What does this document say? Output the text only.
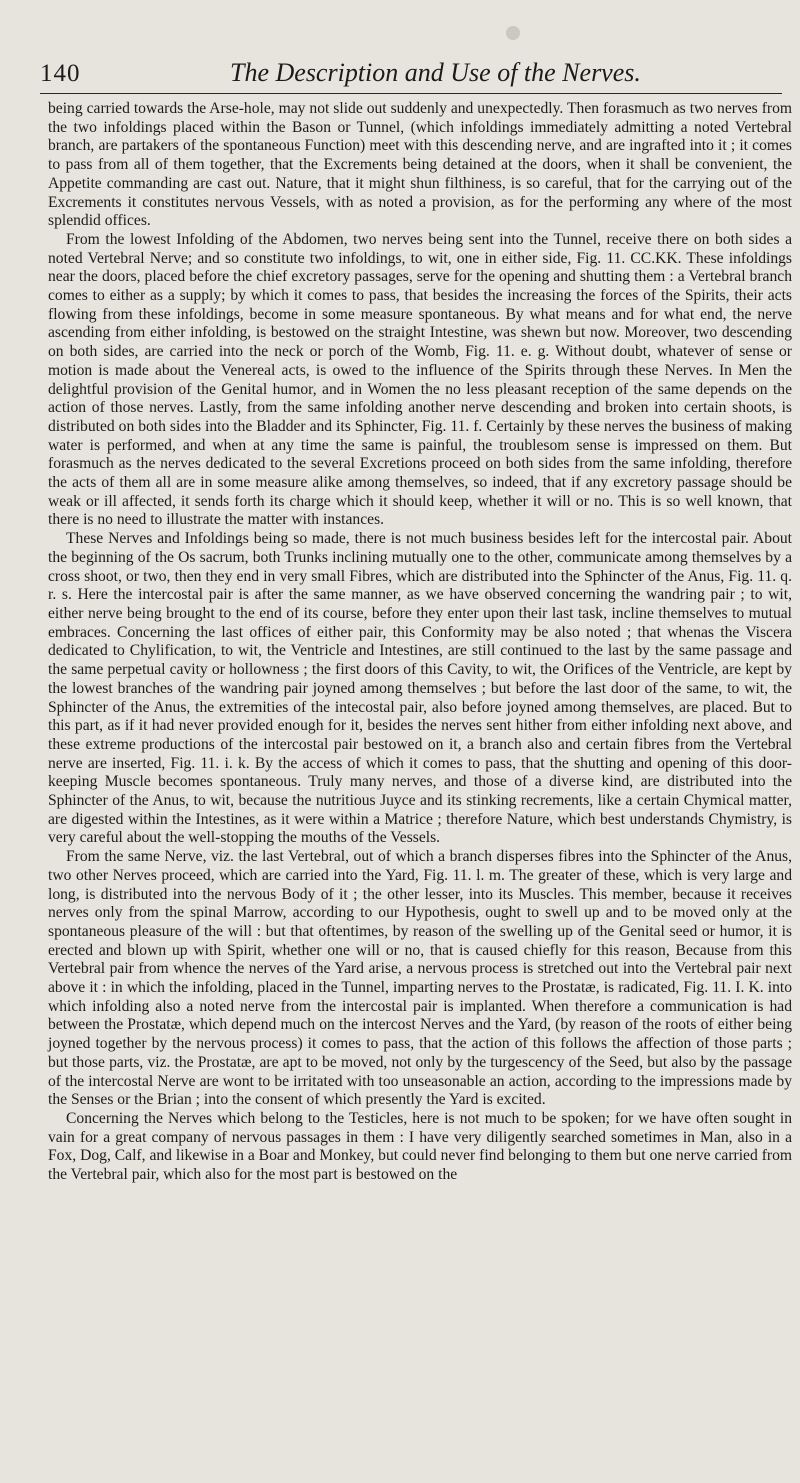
140	The Description and Use of the Nerves.

being carried towards the Arse-hole, may not slide out suddenly and unexpectedly. Then forasmuch as two nerves from the two infoldings placed within the Bason or Tunnel, (which infoldings immediately admitting a noted Vertebral branch, are partakers of the spontaneous Function) meet with this descending nerve, and are ingrafted into it ; it comes to pass from all of them together, that the Excrements being detained at the doors, when it shall be convenient, the Appetite commanding are cast out. Nature, that it might shun filthiness, is so careful, that for the carrying out of the Excrements it constitutes nervous Vessels, with as noted a provision, as for the performing any where of the most splendid offices.

From the lowest Infolding of the Abdomen, two nerves being sent into the Tunnel, receive there on both sides a noted Vertebral Nerve; and so constitute two infoldings, to wit, one in either side, Fig. 11. CC.KK. These infoldings near the doors, placed before the chief excretory passages, serve for the opening and shutting them : a Vertebral branch comes to either as a supply; by which it comes to pass, that besides the increasing the forces of the Spirits, their acts flowing from these infoldings, become in some measure spontaneous. By what means and for what end, the nerve ascending from either infolding, is bestowed on the straight Intestine, was shewn but now. Moreover, two descending on both sides, are carried into the neck or porch of the Womb, Fig. 11. e. g. Without doubt, whatever of sense or motion is made about the Venereal acts, is owed to the influence of the Spirits through these Nerves. In Men the delightful provision of the Genital humor, and in Women the no less pleasant reception of the same depends on the action of those nerves. Lastly, from the same infolding another nerve descending and broken into certain shoots, is distributed on both sides into the Bladder and its Sphincter, Fig. 11. f. Certainly by these nerves the business of making water is performed, and when at any time the same is painful, the troublesom sense is impressed on them. But forasmuch as the nerves dedicated to the several Excretions proceed on both sides from the same infolding, therefore the acts of them all are in some measure alike among themselves, so indeed, that if any excretory passage should be weak or ill affected, it sends forth its charge which it should keep, whether it will or no. This is so well known, that there is no need to illustrate the matter with instances.

These Nerves and Infoldings being so made, there is not much business besides left for the intercostal pair. About the beginning of the Os sacrum, both Trunks inclining mutually one to the other, communicate among themselves by a cross shoot, or two, then they end in very small Fibres, which are distributed into the Sphincter of the Anus, Fig. 11. q. r. s. Here the intercostal pair is after the same manner, as we have observed concerning the wandring pair ; to wit, either nerve being brought to the end of its course, before they enter upon their last task, incline themselves to mutual embraces. Concerning the last offices of either pair, this Conformity may be also noted ; that whenas the Viscera dedicated to Chylification, to wit, the Ventricle and Intestines, are still continued to the last by the same passage and the same perpetual cavity or hollowness ; the first doors of this Cavity, to wit, the Orifices of the Ventricle, are kept by the lowest branches of the wandring pair joyned among themselves ; but before the last door of the same, to wit, the Sphincter of the Anus, the extremities of the intecostal pair, also before joyned among themselves, are placed. But to this part, as if it had never provided enough for it, besides the nerves sent hither from either infolding next above, and these extreme productions of the intercostal pair bestowed on it, a branch also and certain fibres from the Vertebral nerve are inserted, Fig. 11. i. k. By the access of which it comes to pass, that the shutting and opening of this door-keeping Muscle becomes spontaneous. Truly many nerves, and those of a diverse kind, are distributed into the Sphincter of the Anus, to wit, because the nutritious Juyce and its stinking recrements, like a certain Chymical matter, are digested within the Intestines, as it were within a Matrice ; therefore Nature, which best understands Chymistry, is very careful about the well-stopping the mouths of the Vessels.

From the same Nerve, viz. the last Vertebral, out of which a branch disperses fibres into the Sphincter of the Anus, two other Nerves proceed, which are carried into the Yard, Fig. 11. l. m. The greater of these, which is very large and long, is distributed into the nervous Body of it ; the other lesser, into its Muscles. This member, because it receives nerves only from the spinal Marrow, according to our Hypothesis, ought to swell up and to be moved only at the spontaneous pleasure of the will : but that oftentimes, by reason of the swelling up of the Genital seed or humor, it is erected and blown up with Spirit, whether one will or no, that is caused chiefly for this reason, Because from this Vertebral pair from whence the nerves of the Yard arise, a nervous process is stretched out into the Vertebral pair next above it : in which the infolding, placed in the Tunnel, imparting nerves to the Prostatæ, is radicated, Fig. 11. I. K. into which infolding also a noted nerve from the intercostal pair is implanted. When therefore a communication is had between the Prostatæ, which depend much on the intercost Nerves and the Yard, (by reason of the roots of either being joyned together by the nervous process) it comes to pass, that the action of this follows the affection of those parts ; but those parts, viz. the Prostatæ, are apt to be moved, not only by the turgescency of the Seed, but also by the passage of the intercostal Nerve are wont to be irritated with too unseasonable an action, according to the impressions made by the Senses or the Brian ; into the consent of which presently the Yard is excited.

Concerning the Nerves which belong to the Testicles, here is not much to be spoken; for we have often sought in vain for a great company of nervous passages in them : I have very diligently searched sometimes in Man, also in a Fox, Dog, Calf, and likewise in a Boar and Monkey, but could never find belonging to them but one nerve carried from the Vertebral pair, which also for the most part is bestowed on the
